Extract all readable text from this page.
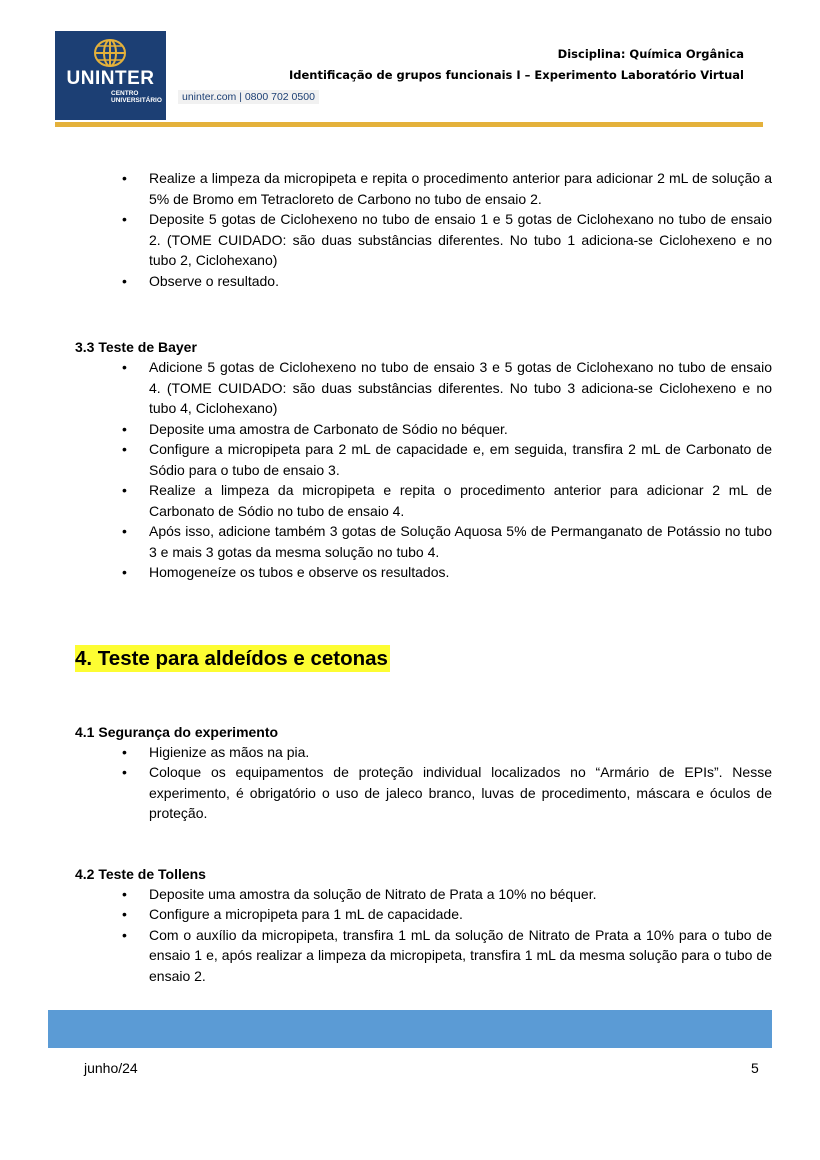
UNINTER
CENTRO
UNIVERSITÁRIO	uninter.com | 0800 702 0500
Disciplina: Química Orgânica
Identificação de grupos funcionais I – Experimento Laboratório Virtual
• Realize a limpeza da micropipeta e repita o procedimento anterior para adicionar 2 mL de solução a 5% de Bromo em Tetracloreto de Carbono no tubo de ensaio 2.
• Deposite 5 gotas de Ciclohexeno no tubo de ensaio 1 e 5 gotas de Ciclohexano no tubo de ensaio 2. (TOME CUIDADO: são duas substâncias diferentes. No tubo 1 adiciona-se Ciclohexeno e no tubo 2, Ciclohexano)
• Observe o resultado.
3.3 Teste de Bayer
• Adicione 5 gotas de Ciclohexeno no tubo de ensaio 3 e 5 gotas de Ciclohexano no tubo de ensaio 4. (TOME CUIDADO: são duas substâncias diferentes. No tubo 3 adiciona-se Ciclohexeno e no tubo 4, Ciclohexano)
• Deposite uma amostra de Carbonato de Sódio no béquer.
• Configure a micropipeta para 2 mL de capacidade e, em seguida, transfira 2 mL de Carbonato de Sódio para o tubo de ensaio 3.
• Realize a limpeza da micropipeta e repita o procedimento anterior para adicionar 2 mL de Carbonato de Sódio no tubo de ensaio 4.
• Após isso, adicione também 3 gotas de Solução Aquosa 5% de Permanganato de Potássio no tubo 3 e mais 3 gotas da mesma solução no tubo 4.
• Homogeneíze os tubos e observe os resultados.
4. Teste para aldeídos e cetonas
4.1 Segurança do experimento
• Higienize as mãos na pia.
• Coloque os equipamentos de proteção individual localizados no “Armário de EPIs”. Nesse experimento, é obrigatório o uso de jaleco branco, luvas de procedimento, máscara e óculos de proteção.
4.2 Teste de Tollens
• Deposite uma amostra da solução de Nitrato de Prata a 10% no béquer.
• Configure a micropipeta para 1 mL de capacidade.
• Com o auxílio da micropipeta, transfira 1 mL da solução de Nitrato de Prata a 10% para o tubo de ensaio 1 e, após realizar a limpeza da micropipeta, transfira 1 mL da mesma solução para o tubo de ensaio 2.
junho/24	5
